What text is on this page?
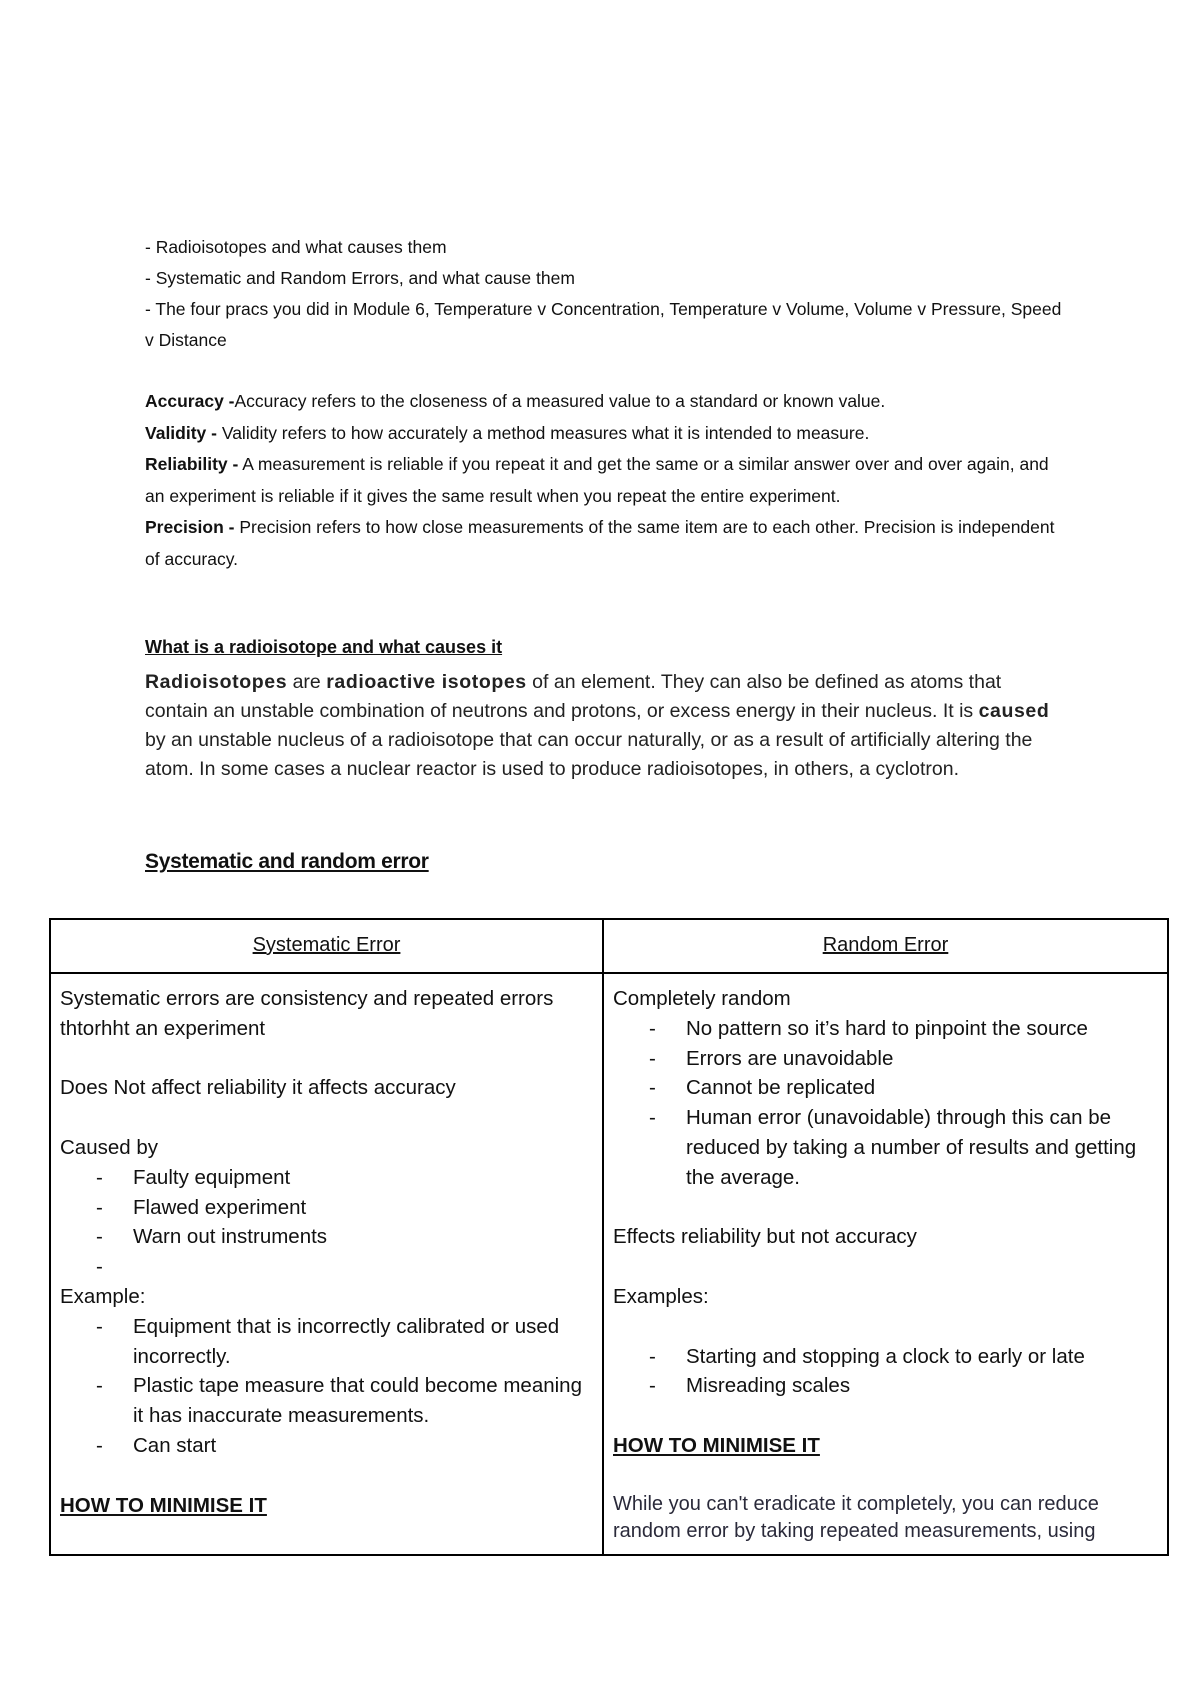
- Radioisotopes and what causes them
- Systematic and Random Errors, and what cause them
- The four pracs you did in Module 6, Temperature v Concentration, Temperature v Volume, Volume v Pressure, Speed v Distance
Accuracy -Accuracy refers to the closeness of a measured value to a standard or known value.
Validity - Validity refers to how accurately a method measures what it is intended to measure.
Reliability - A measurement is reliable if you repeat it and get the same or a similar answer over and over again, and an experiment is reliable if it gives the same result when you repeat the entire experiment.
Precision - Precision refers to how close measurements of the same item are to each other. Precision is independent of accuracy.
What is a radioisotope and what causes it
Radioisotopes are radioactive isotopes of an element. They can also be defined as atoms that contain an unstable combination of neutrons and protons, or excess energy in their nucleus. It is caused by an unstable nucleus of a radioisotope that can occur naturally, or as a result of artificially altering the atom. In some cases a nuclear reactor is used to produce radioisotopes, in others, a cyclotron.
Systematic and random error
Systematic Error	Random Error

Systematic errors are consistency and repeated errors thtorhht an experiment

Does Not affect reliability it affects accuracy

Caused by

- Faulty equipment
- Flawed experiment
- Warn out instruments
-

Example:

- Equipment that is incorrectly calibrated or used incorrectly.
- Plastic tape measure that could become meaning it has inaccurate measurements.
- Can start

HOW TO MINIMISE IT

Completely random

- No pattern so it’s hard to pinpoint the source
- Errors are unavoidable
- Cannot be replicated
- Human error (unavoidable) through this can be reduced by taking a number of results and getting the average.

Effects reliability but not accuracy

Examples:

- Starting and stopping a clock to early or late
- Misreading scales

HOW TO MINIMISE IT

While you can't eradicate it completely, you can reduce random error by taking repeated measurements, using
